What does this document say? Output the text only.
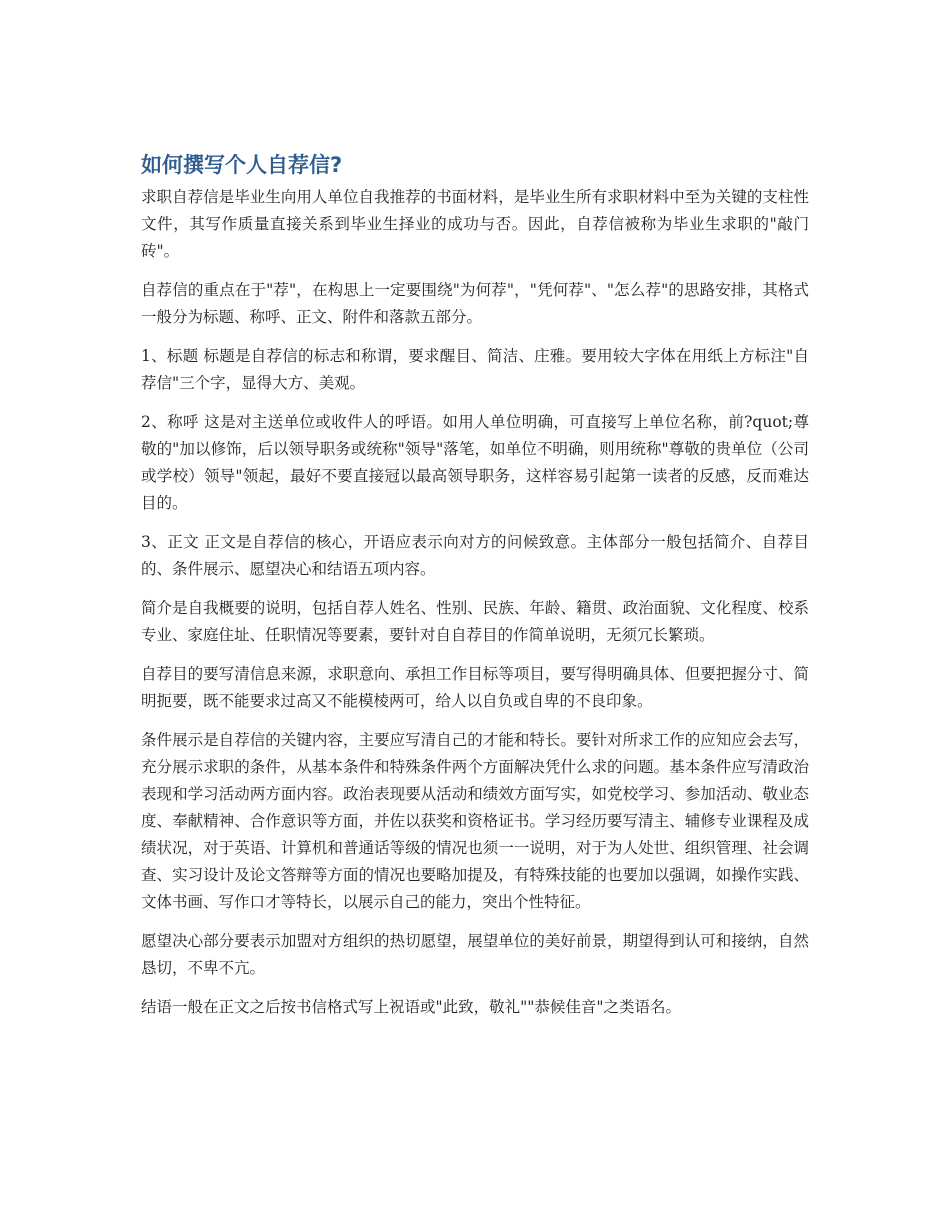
如何撰写个人自荐信?

求职自荐信是毕业生向用人单位自我推荐的书面材料，是毕业生所有求职材料中至为关键的支柱性文件，其写作质量直接关系到毕业生择业的成功与否。因此，自荐信被称为毕业生求职的"敲门砖"。

自荐信的重点在于"荐"，在构思上一定要围绕"为何荐"，"凭何荐"、"怎么荐"的思路安排，其格式一般分为标题、称呼、正文、附件和落款五部分。

1、标题 标题是自荐信的标志和称谓，要求醒目、简洁、庄雅。要用较大字体在用纸上方标注"自荐信"三个字，显得大方、美观。

2、称呼 这是对主送单位或收件人的呼语。如用人单位明确，可直接写上单位名称，前?quot;尊敬的"加以修饰，后以领导职务或统称"领导"落笔，如单位不明确，则用统称"尊敬的贵单位（公司或学校）领导"领起，最好不要直接冠以最高领导职务，这样容易引起第一读者的反感，反而难达目的。

3、正文 正文是自荐信的核心，开语应表示向对方的问候致意。主体部分一般包括简介、自荐目的、条件展示、愿望决心和结语五项内容。

简介是自我概要的说明，包括自荐人姓名、性别、民族、年龄、籍贯、政治面貌、文化程度、校系专业、家庭住址、任职情况等要素，要针对自自荐目的作简单说明，无须冗长繁琐。

自荐目的要写清信息来源，求职意向、承担工作目标等项目，要写得明确具体、但要把握分寸、简明扼要，既不能要求过高又不能模棱两可，给人以自负或自卑的不良印象。

条件展示是自荐信的关键内容，主要应写清自己的才能和特长。要针对所求工作的应知应会去写，充分展示求职的条件，从基本条件和特殊条件两个方面解决凭什么求的问题。基本条件应写清政治表现和学习活动两方面内容。政治表现要从活动和绩效方面写实，如党校学习、参加活动、敬业态度、奉献精神、合作意识等方面，并佐以获奖和资格证书。学习经历要写清主、辅修专业课程及成绩状况，对于英语、计算机和普通话等级的情况也须一一说明，对于为人处世、组织管理、社会调查、实习设计及论文答辩等方面的情况也要略加提及，有特殊技能的也要加以强调，如操作实践、文体书画、写作口才等特长，以展示自己的能力，突出个性特征。

愿望决心部分要表示加盟对方组织的热切愿望，展望单位的美好前景，期望得到认可和接纳，自然恳切，不卑不亢。

结语一般在正文之后按书信格式写上祝语或"此致，敬礼""恭候佳音"之类语名。
